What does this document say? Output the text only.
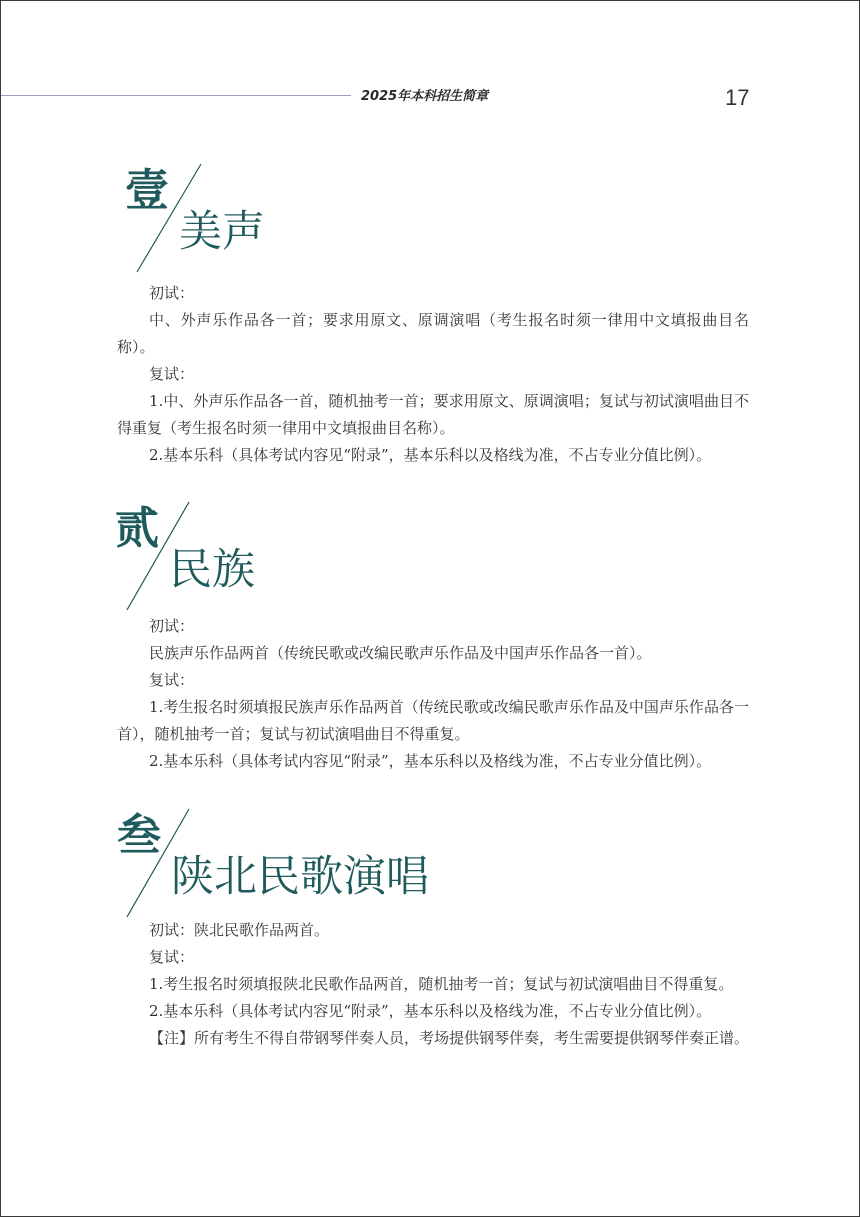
2025年本科招生简章	17
壹
美声

初试：

中、外声乐作品各一首；要求用原文、原调演唱（考生报名时须一律用中文填报曲目名称）。

复试：

1.中、外声乐作品各一首，随机抽考一首；要求用原文、原调演唱；复试与初试演唱曲目不得重复（考生报名时须一律用中文填报曲目名称）。

2.基本乐科（具体考试内容见“附录”，基本乐科以及格线为准，不占专业分值比例）。

贰
民族

初试：

民族声乐作品两首（传统民歌或改编民歌声乐作品及中国声乐作品各一首）。

复试：

1.考生报名时须填报民族声乐作品两首（传统民歌或改编民歌声乐作品及中国声乐作品各一首），随机抽考一首；复试与初试演唱曲目不得重复。

2.基本乐科（具体考试内容见“附录”，基本乐科以及格线为准，不占专业分值比例）。

叁
陕北民歌演唱

初试：陕北民歌作品两首。

复试：

1.考生报名时须填报陕北民歌作品两首，随机抽考一首；复试与初试演唱曲目不得重复。

2.基本乐科（具体考试内容见“附录”，基本乐科以及格线为准，不占专业分值比例）。

【注】所有考生不得自带钢琴伴奏人员，考场提供钢琴伴奏，考生需要提供钢琴伴奏正谱。
